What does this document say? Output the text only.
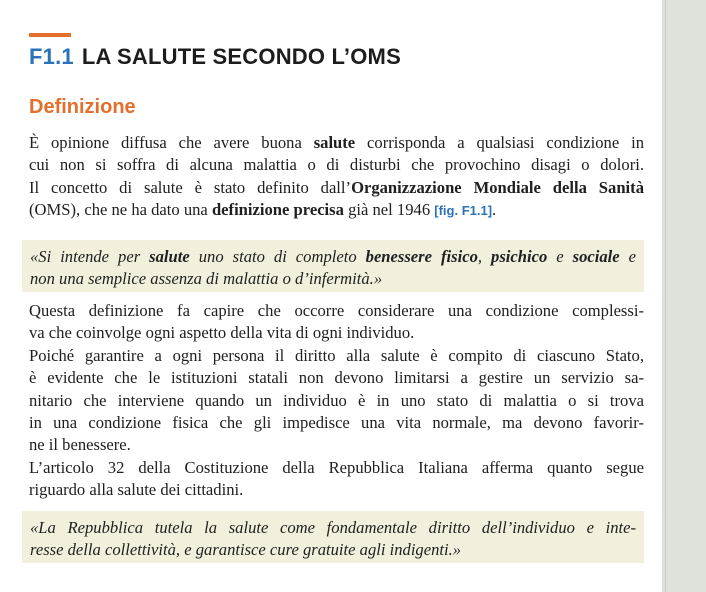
F1.1 LA SALUTE SECONDO L’OMS
Definizione
È opinione diffusa che avere buona salute corrisponda a qualsiasi condizione in
cui non si soffra di alcuna malattia o di disturbi che provochino disagi o dolori.
Il concetto di salute è stato definito dall’Organizzazione Mondiale della Sanità
(OMS), che ne ha dato una definizione precisa già nel 1946 [fig. F1.1].
«Si intende per salute uno stato di completo benessere fisico, psichico e sociale e
non una semplice assenza di malattia o d’infermità.»
Questa definizione fa capire che occorre considerare una condizione complessi-
va che coinvolge ogni aspetto della vita di ogni individuo.
Poiché garantire a ogni persona il diritto alla salute è compito di ciascuno Stato,
è evidente che le istituzioni statali non devono limitarsi a gestire un servizio sa-
nitario che interviene quando un individuo è in uno stato di malattia o si trova
in una condizione fisica che gli impedisce una vita normale, ma devono favorir-
ne il benessere.
L’articolo 32 della Costituzione della Repubblica Italiana afferma quanto segue
riguardo alla salute dei cittadini.
«La Repubblica tutela la salute come fondamentale diritto dell’individuo e inte-
resse della collettività, e garantisce cure gratuite agli indigenti.»
